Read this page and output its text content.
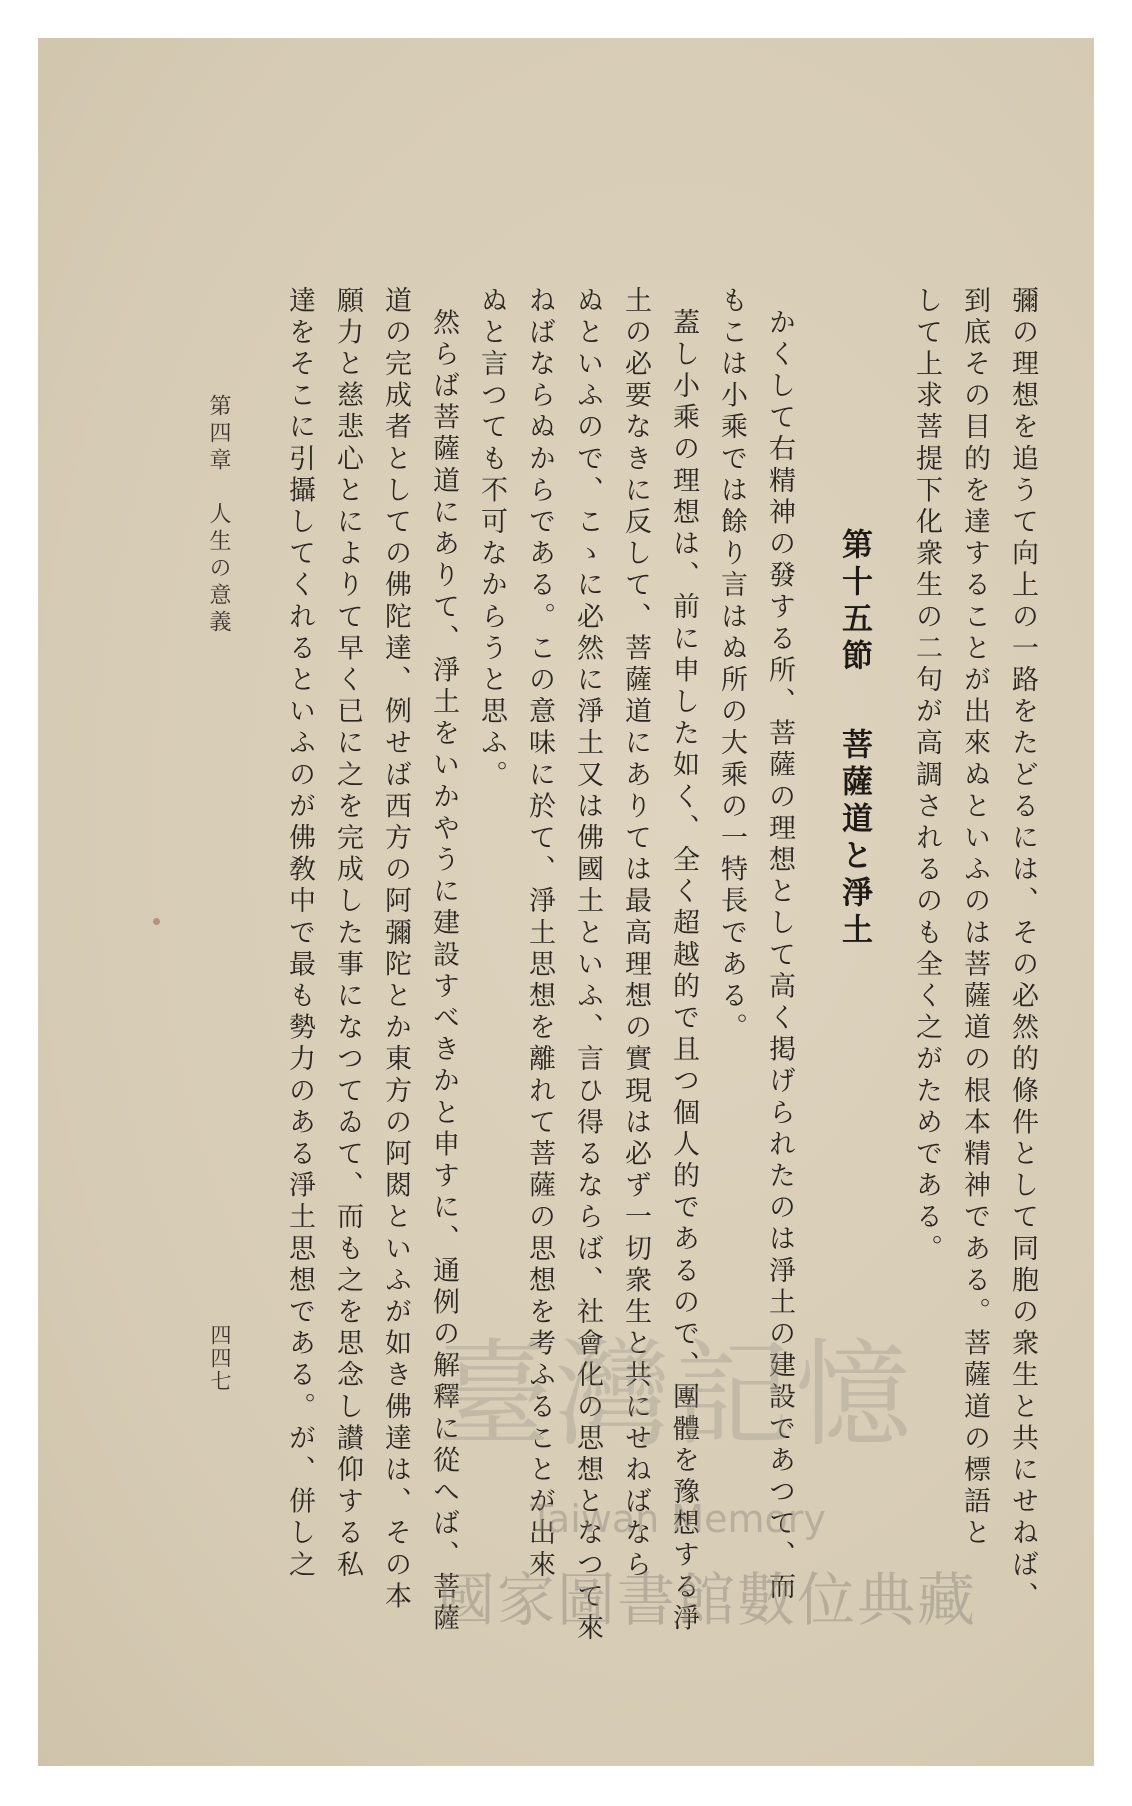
彌の理想を追うて向上の一路をたどるには、その必然的條件として同胞の衆生と共にせねば、
到底その目的を達することが出來ぬといふのは菩薩道の根本精神である。菩薩道の標語と
して上求菩提下化衆生の二句が高調されるのも全く之がためである。
第十五節菩薩道と淨土
かくして右精神の發する所、菩薩の理想として高く掲げられたのは淨土の建設であつて、而
もこは小乘では餘り言はぬ所の大乘の一特長である。
蓋し小乘の理想は、前に申した如く、全く超越的で且つ個人的であるので、團體を豫想する淨
土の必要なきに反して、菩薩道にありては最高理想の實現は必ず一切衆生と共にせねばなら
ぬといふので、こゝに必然に淨土又は佛國土といふ、言ひ得るならば、社會化の思想となつて來
ねばならぬからである。この意味に於て、淨土思想を離れて菩薩の思想を考ふることが出來
ぬと言つても不可なからうと思ふ。
然らば菩薩道にありて、淨土をいかやうに建設すべきかと申すに、通例の解釋に從へば、菩薩
道の完成者としての佛陀達、例せば西方の阿彌陀とか東方の阿閦といふが如き佛達は、その本
願力と慈悲心とによりて早く已に之を完成した事になつてゐて、而も之を思念し讃仰する私
達をそこに引攝してくれるといふのが佛敎中で最も勢力のある淨土思想である。が、併し之
第四章　人生の意義
四四七 臺灣記憶
Taiwan Memory
國家圖書館數位典藏
